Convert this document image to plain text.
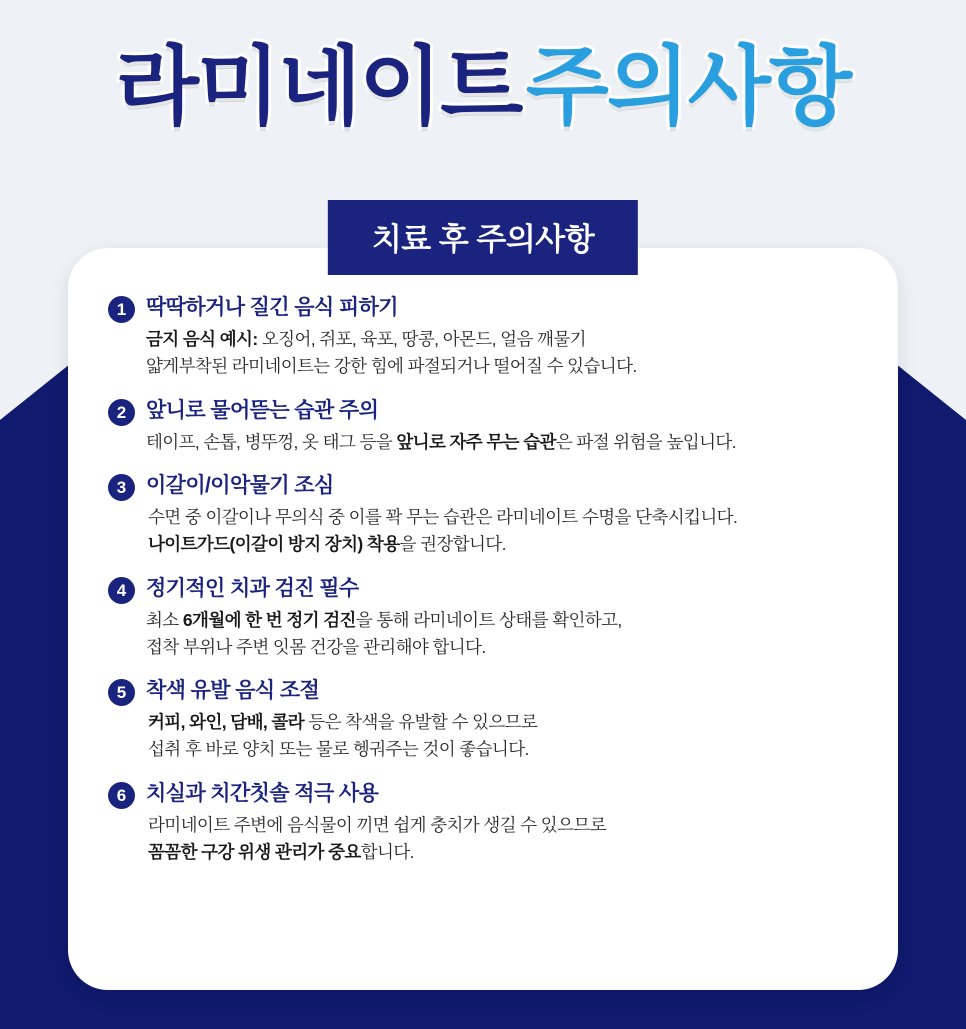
라미네이트 주의사항
치료 후 주의사항
1 딱딱하거나 질긴 음식 피하기
금지 음식 예시: 오징어, 쥐포, 육포, 땅콩, 아몬드, 얼음 깨물기
얇게부착된 라미네이트는 강한 힘에 파절되거나 떨어질 수 있습니다.
2 앞니로 물어뜯는 습관 주의
테이프, 손톱, 병뚜껑, 옷 태그 등을 앞니로 자주 무는 습관은 파절 위험을 높입니다.
3 이갈이/이악물기 조심
수면 중 이갈이나 무의식 중 이를 꽉 무는 습관은 라미네이트 수명을 단축시킵니다.
나이트가드(이갈이 방지 장치) 착용을 권장합니다.
4 정기적인 치과 검진 필수
최소 6개월에 한 번 정기 검진을 통해 라미네이트 상태를 확인하고,
접착 부위나 주변 잇몸 건강을 관리해야 합니다.
5 착색 유발 음식 조절
커피, 와인, 담배, 콜라 등은 착색을 유발할 수 있으므로
섭취 후 바로 양치 또는 물로 헹궈주는 것이 좋습니다.
6 치실과 치간칫솔 적극 사용
라미네이트 주변에 음식물이 끼면 쉽게 충치가 생길 수 있으므로
꼼꼼한 구강 위생 관리가 중요합니다.
